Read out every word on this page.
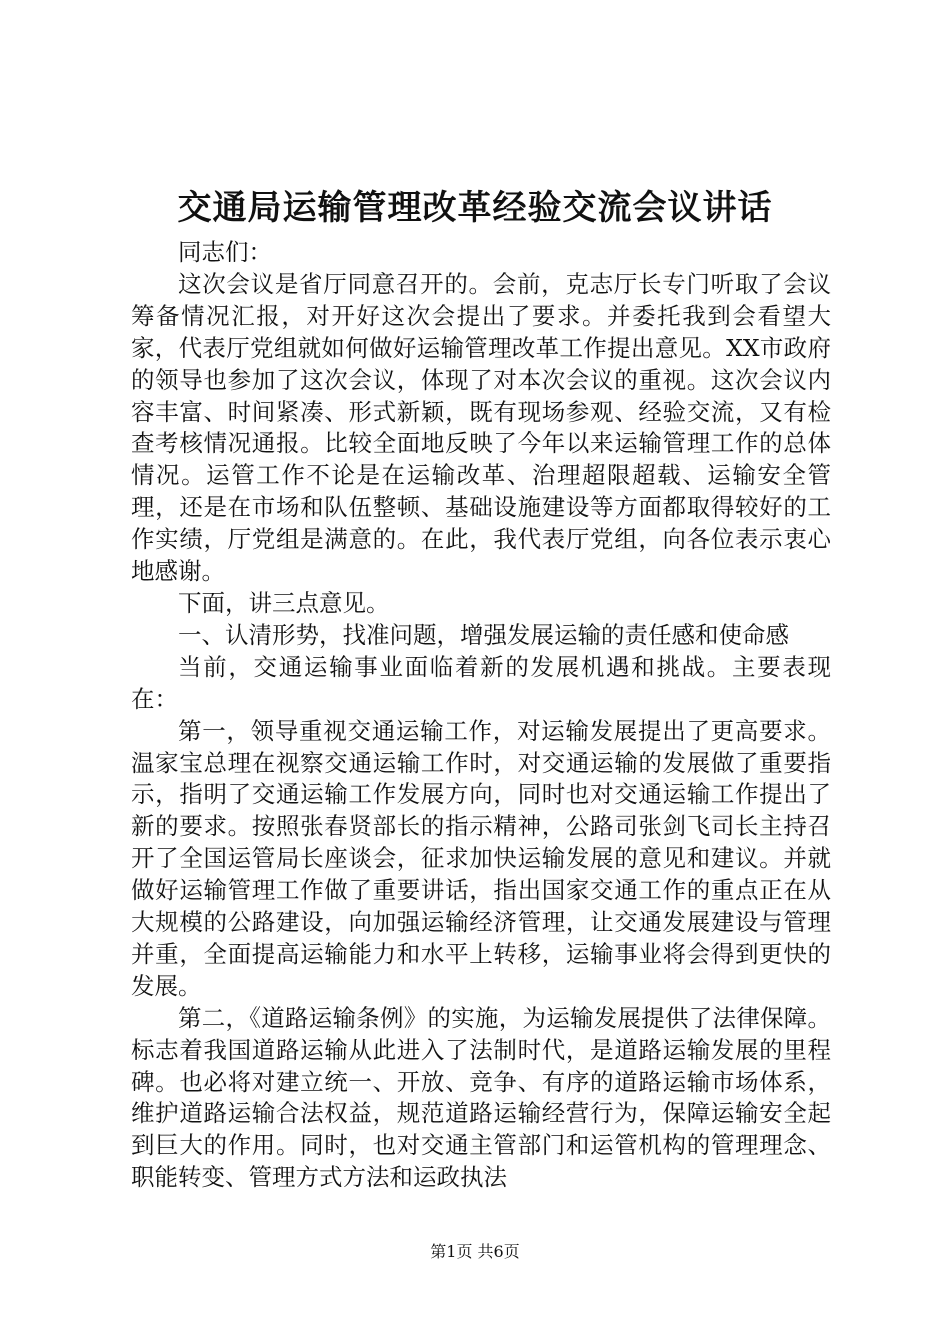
交通局运输管理改革经验交流会议讲话

同志们：

这次会议是省厅同意召开的。会前，克志厅长专门听取了会议筹备情况汇报，对开好这次会提出了要求。并委托我到会看望大家，代表厅党组就如何做好运输管理改革工作提出意见。XX市政府的领导也参加了这次会议，体现了对本次会议的重视。这次会议内容丰富、时间紧凑、形式新颖，既有现场参观、经验交流，又有检查考核情况通报。比较全面地反映了今年以来运输管理工作的总体情况。运管工作不论是在运输改革、治理超限超载、运输安全管理，还是在市场和队伍整顿、基础设施建设等方面都取得较好的工作实绩，厅党组是满意的。在此，我代表厅党组，向各位表示衷心地感谢。

下面，讲三点意见。

一、认清形势，找准问题，增强发展运输的责任感和使命感

当前，交通运输事业面临着新的发展机遇和挑战。主要表现在：

第一，领导重视交通运输工作，对运输发展提出了更高要求。温家宝总理在视察交通运输工作时，对交通运输的发展做了重要指示，指明了交通运输工作发展方向，同时也对交通运输工作提出了新的要求。按照张春贤部长的指示精神，公路司张剑飞司长主持召开了全国运管局长座谈会，征求加快运输发展的意见和建议。并就做好运输管理工作做了重要讲话，指出国家交通工作的重点正在从大规模的公路建设，向加强运输经济管理，让交通发展建设与管理并重，全面提高运输能力和水平上转移，运输事业将会得到更快的发展。

第二，《道路运输条例》的实施，为运输发展提供了法律保障。标志着我国道路运输从此进入了法制时代，是道路运输发展的里程碑。也必将对建立统一、开放、竞争、有序的道路运输市场体系，维护道路运输合法权益，规范道路运输经营行为，保障运输安全起到巨大的作用。同时，也对交通主管部门和运管机构的管理理念、职能转变、管理方式方法和运政执法

第1页 共6页
